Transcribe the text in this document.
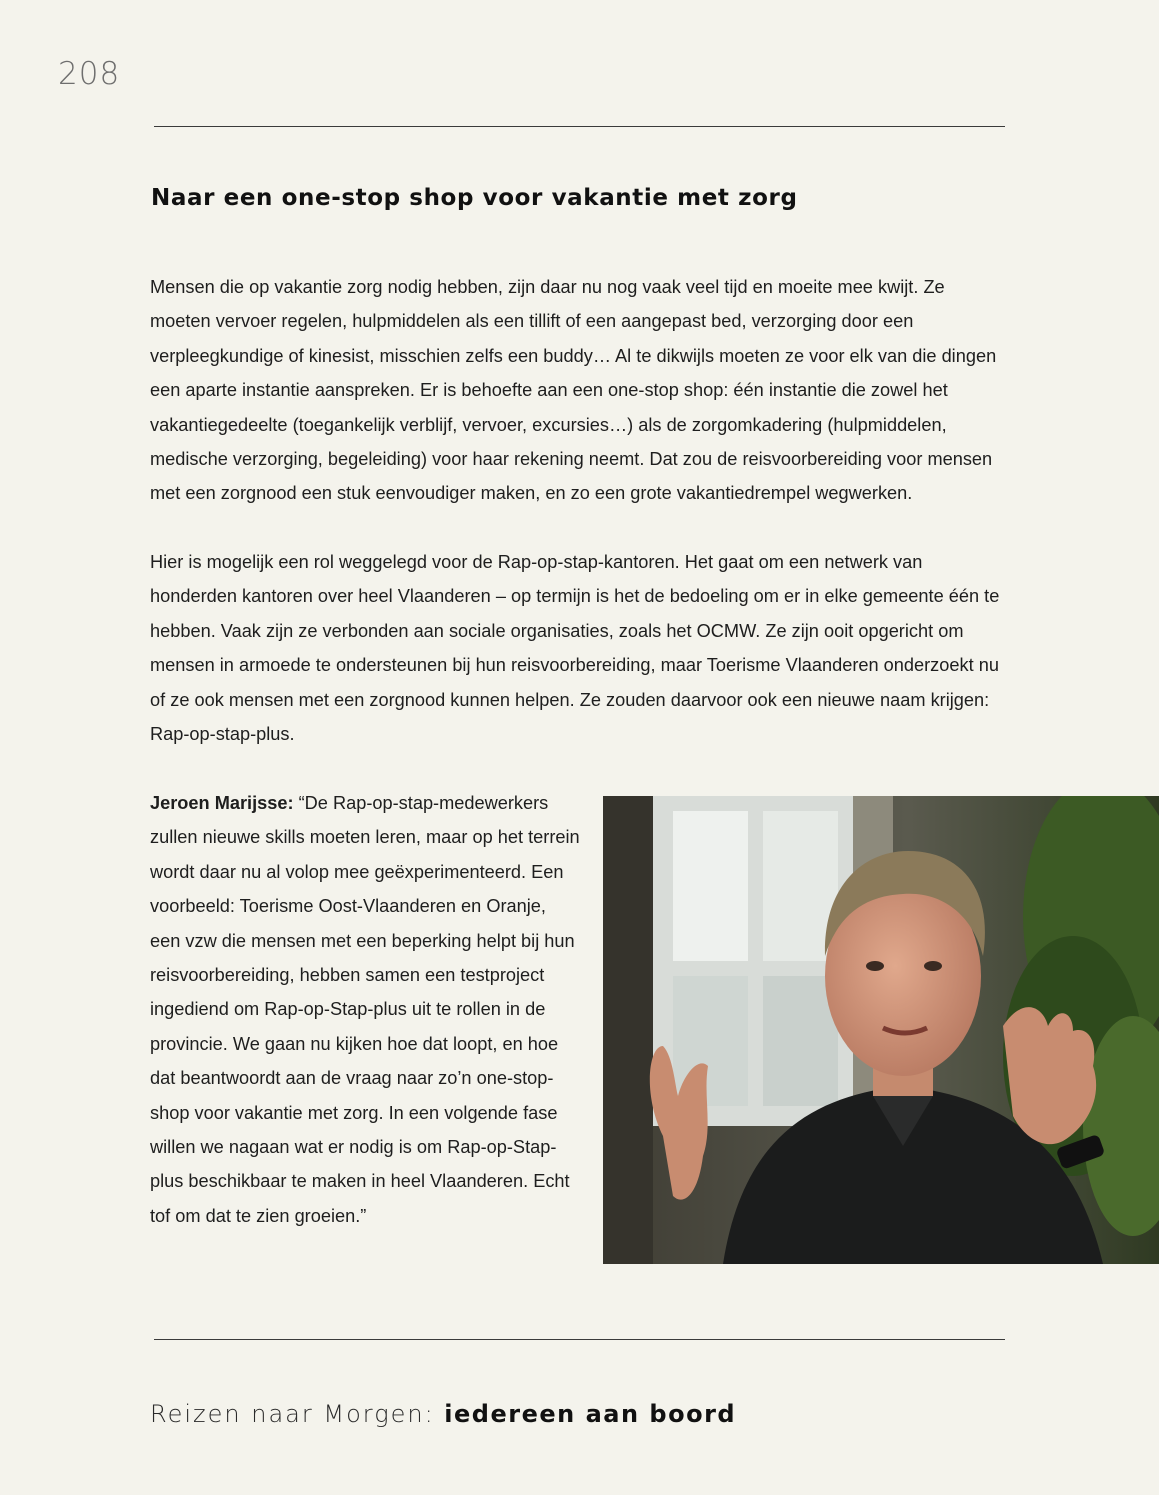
208
Naar een one-stop shop voor vakantie met zorg

Mensen die op vakantie zorg nodig hebben, zijn daar nu nog vaak veel tijd en moeite mee kwijt. Ze moeten vervoer regelen, hulpmiddelen als een tillift of een aangepast bed, verzorging door een verpleegkundige of kinesist, misschien zelfs een buddy… Al te dikwijls moeten ze voor elk van die dingen een aparte instantie aanspreken. Er is behoefte aan een one-stop shop: één instantie die zowel het vakantiegedeelte (toegankelijk verblijf, vervoer, excursies…) als de zorgomkadering (hulpmiddelen, medische verzorging, begeleiding) voor haar rekening neemt. Dat zou de reisvoorbereiding voor mensen met een zorgnood een stuk eenvoudiger maken, en zo een grote vakantiedrempel wegwerken.

Hier is mogelijk een rol weggelegd voor de Rap-op-stap-kantoren. Het gaat om een netwerk van honderden kantoren over heel Vlaanderen – op termijn is het de bedoeling om er in elke gemeente één te hebben. Vaak zijn ze verbonden aan sociale organisaties, zoals het OCMW. Ze zijn ooit opgericht om mensen in armoede te ondersteunen bij hun reisvoorbereiding, maar Toerisme Vlaanderen onderzoekt nu of ze ook mensen met een zorgnood kunnen helpen. Ze zouden daarvoor ook een nieuwe naam krijgen: Rap-op-stap-plus.

Jeroen Marijsse: “De Rap-op-stap-medewerkers zullen nieuwe skills moeten leren, maar op het terrein wordt daar nu al volop mee geëxperimenteerd. Een voorbeeld: Toerisme Oost-Vlaanderen en Oranje, een vzw die mensen met een beperking helpt bij hun reisvoorbereiding, hebben samen een testproject ingediend om Rap-op-Stap-plus uit te rollen in de provincie. We gaan nu kijken hoe dat loopt, en hoe dat beantwoordt aan de vraag naar zo’n one-stop-shop voor vakantie met zorg. In een volgende fase willen we nagaan wat er nodig is om Rap-op-Stap-plus beschikbaar te maken in heel Vlaanderen. Echt tof om dat te zien groeien.”

Reizen naar Morgen: iedereen aan boord
